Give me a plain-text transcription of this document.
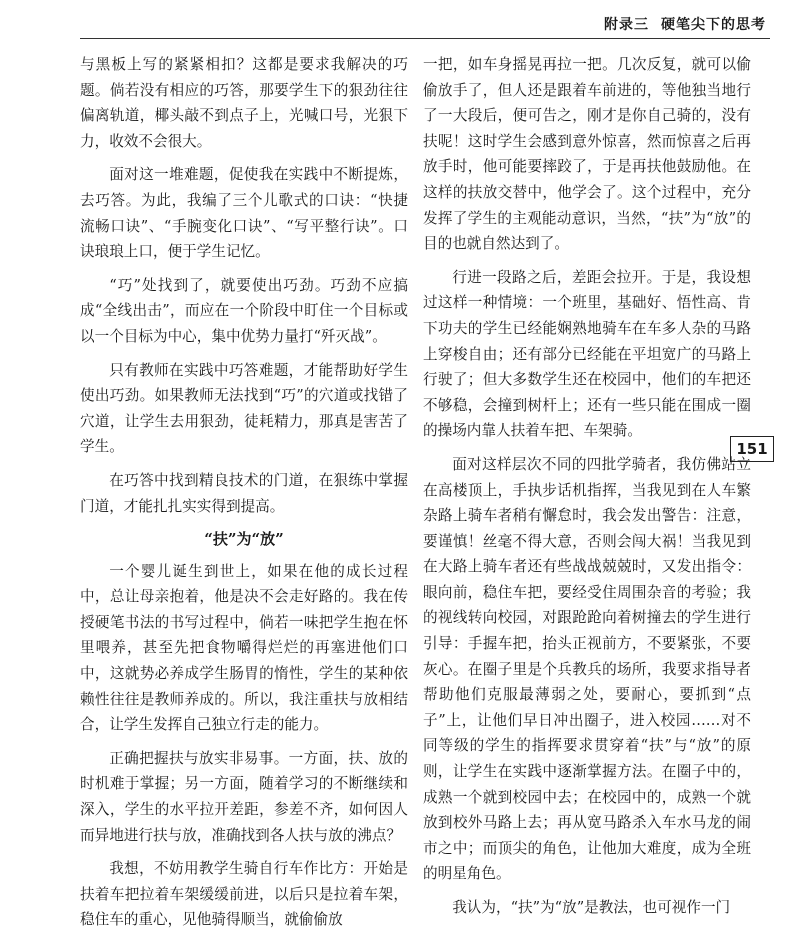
附录三 硬笔尖下的思考
151

与黑板上写的紧紧相扣？这都是要求我解决的巧题。倘若没有相应的巧答，那要学生下的狠劲往往偏离轨道，椰头敲不到点子上，光喊口号，光狠下力，收效不会很大。

面对这一堆难题，促使我在实践中不断提炼，去巧答。为此，我编了三个儿歌式的口诀：“快捷流畅口诀”、“手腕变化口诀”、“写平整行诀”。口诀琅琅上口，便于学生记忆。

“巧”处找到了，就要使出巧劲。巧劲不应搞成“全线出击”，而应在一个阶段中盯住一个目标或以一个目标为中心，集中优势力量打“歼灭战”。

只有教师在实践中巧答难题，才能帮助好学生使出巧劲。如果教师无法找到“巧”的穴道或找错了穴道，让学生去用狠劲，徒耗精力，那真是害苦了学生。

在巧答中找到精良技术的门道，在狠练中掌握门道，才能扎扎实实得到提高。

“扶”为“放”

一个婴儿诞生到世上，如果在他的成长过程中，总让母亲抱着，他是决不会走好路的。我在传授硬笔书法的书写过程中，倘若一味把学生抱在怀里喂养，甚至先把食物嚼得烂烂的再塞进他们口中，这就势必养成学生肠胃的惰性，学生的某种依赖性往往是教师养成的。所以，我注重扶与放相结合，让学生发挥自己独立行走的能力。

正确把握扶与放实非易事。一方面，扶、放的时机难于掌握；另一方面，随着学习的不断继续和深入，学生的水平拉开差距，参差不齐，如何因人而异地进行扶与放，准确找到各人扶与放的沸点？

我想，不妨用教学生骑自行车作比方：开始是扶着车把拉着车架缓缓前进，以后只是拉着车架，稳住车的重心，见他骑得顺当，就偷偷放

一把，如车身摇晃再拉一把。几次反复，就可以偷偷放手了，但人还是跟着车前进的，等他独当地行了一大段后，便可告之，刚才是你自己骑的，没有扶呢！这时学生会感到意外惊喜，然而惊喜之后再放手时，他可能要摔跤了，于是再扶他鼓励他。在这样的扶放交替中，他学会了。这个过程中，充分发挥了学生的主观能动意识，当然，“扶”为“放”的目的也就自然达到了。

行进一段路之后，差距会拉开。于是，我设想过这样一种情境：一个班里，基础好、悟性高、肯下功夫的学生已经能娴熟地骑车在车多人杂的马路上穿梭自由；还有部分已经能在平坦宽广的马路上行驶了；但大多数学生还在校园中，他们的车把还不够稳，会撞到树杆上；还有一些只能在围成一圈的操场内靠人扶着车把、车架骑。

面对这样层次不同的四批学骑者，我仿佛站立在高楼顶上，手执步话机指挥，当我见到在人车繁杂路上骑车者稍有懈怠时，我会发出警告：注意，要谨慎！丝毫不得大意，否则会闯大祸！当我见到在大路上骑车者还有些战战兢兢时，又发出指令：眼向前，稳住车把，要经受住周围杂音的考验；我的视线转向校园，对跟跄跄向着树撞去的学生进行引导：手握车把，抬头正视前方，不要紧张，不要灰心。在圈子里是个兵教兵的场所，我要求指导者帮助他们克服最薄弱之处，要耐心，要抓到“点子”上，让他们早日冲出圈子，进入校园……对不同等级的学生的指挥要求贯穿着“扶”与“放”的原则，让学生在实践中逐渐掌握方法。在圈子中的，成熟一个就到校园中去；在校园中的，成熟一个就放到校外马路上去；再从宽马路杀入车水马龙的闹市之中；而顶尖的角色，让他加大难度，成为全班的明星角色。

我认为，“扶”为“放”是教法，也可视作一门
